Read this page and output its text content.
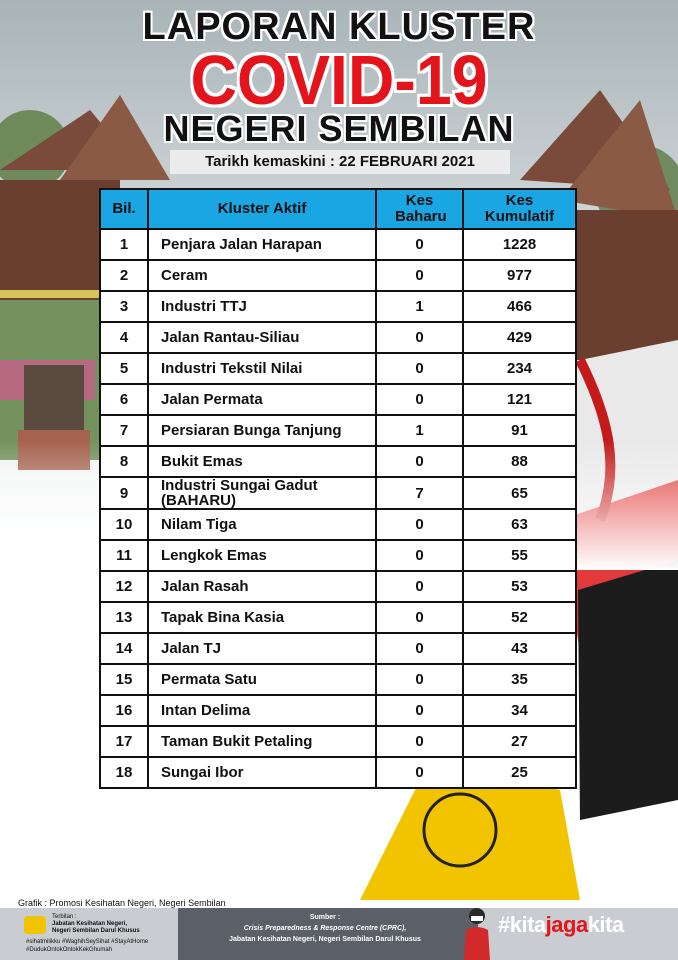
LAPORAN KLUSTER
COVID-19
NEGERI SEMBILAN
Tarikh kemaskini : 22 FEBRUARI 2021
Bil.	Kluster Aktif	Kes Baharu	Kes Kumulatif
1	Penjara Jalan Harapan	0	1228
2	Ceram	0	977
3	Industri TTJ	1	466
4	Jalan Rantau-Siliau	0	429
5	Industri Tekstil Nilai	0	234
6	Jalan Permata	0	121
7	Persiaran Bunga Tanjung	1	91
8	Bukit Emas	0	88
9	Industri Sungai Gadut (BAHARU)	7	65
10	Nilam Tiga	0	63
11	Lengkok Emas	0	55
12	Jalan Rasah	0	53
13	Tapak Bina Kasia	0	52
14	Jalan TJ	0	43
15	Permata Satu	0	35
16	Intan Delima	0	34
17	Taman Bukit Petaling	0	27
18	Sungai Ibor	0	25
Grafik : Promosi Kesihatan Negeri, Negeri Sembilan
Terbitan :
Jabatan Kesihatan Negeri,
Negeri Sembilan Darul Khusus
#sihatmilikku #WaghihSeySihat #StayAtHome
#DudukOntokOntokKekGhumah
Sumber :
Crisis Preparedness & Response Centre (CPRC),
Jabatan Kesihatan Negeri, Negeri Sembilan Darul Khusus
#kitajagakita
